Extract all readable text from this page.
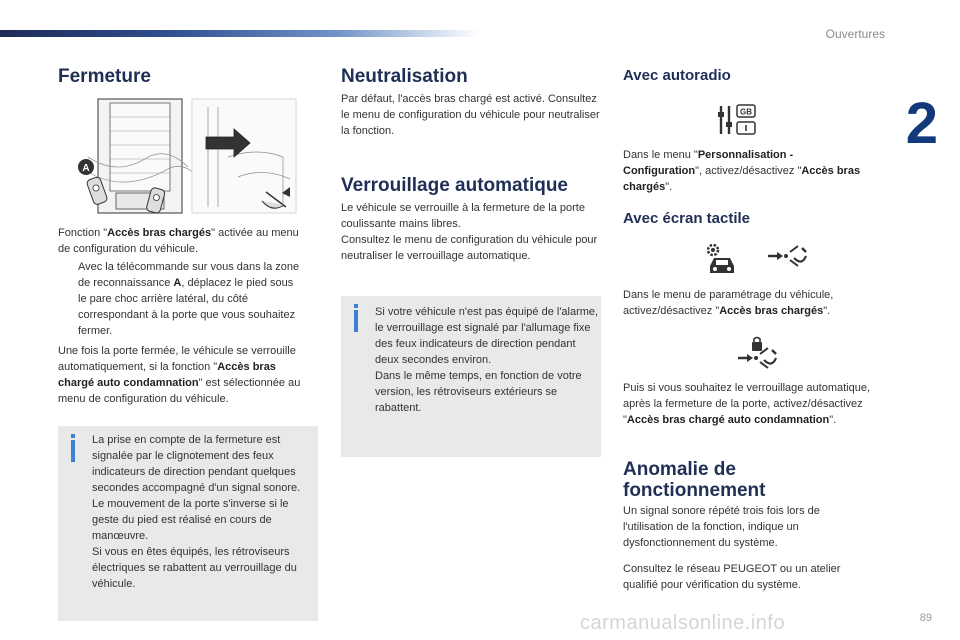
Ouvertures
2
Fermeture
A

Fonction "Accès bras chargés" activée au menu de configuration du véhicule.

Avec la télécommande sur vous dans la zone de reconnaissance A, déplacez le pied sous le pare choc arrière latéral, du côté correspondant à la porte que vous souhaitez fermer.

Une fois la porte fermée, le véhicule se verrouille automatiquement, si la fonction "Accès bras chargé auto condamnation" est sélectionnée au menu de configuration du véhicule.

La prise en compte de la fermeture est signalée par le clignotement des feux indicateurs de direction pendant quelques secondes accompagné d'un signal sonore.
Le mouvement de la porte s'inverse si le geste du pied est réalisé en cours de manœuvre.
Si vous en êtes équipés, les rétroviseurs électriques se rabattent au verrouillage du véhicule.

Neutralisation

Par défaut, l'accès bras chargé est activé. Consultez le menu de configuration du véhicule pour neutraliser la fonction.

Verrouillage automatique

Le véhicule se verrouille à la fermeture de la porte coulissante mains libres.
Consultez le menu de configuration du véhicule pour neutraliser le verrouillage automatique.

Si votre véhicule n'est pas équipé de l'alarme, le verrouillage est signalé par l'allumage fixe des feux indicateurs de direction pendant deux secondes environ.
Dans le même temps, en fonction de votre version, les rétroviseurs extérieurs se rabattent.

Avec autoradio
GB

Dans le menu "Personnalisation - Configuration", activez/désactivez "Accès bras chargés".

Avec écran tactile

Dans le menu de paramétrage du véhicule, activez/désactivez "Accès bras chargés".

Puis si vous souhaitez le verrouillage automatique, après la fermeture de la porte, activez/désactivez "Accès bras chargé auto condamnation".

Anomalie de fonctionnement

Un signal sonore répété trois fois lors de l'utilisation de la fonction, indique un dysfonctionnement du système.

Consultez le réseau PEUGEOT ou un atelier qualifié pour vérification du système.

89
carmanualsonline.info
